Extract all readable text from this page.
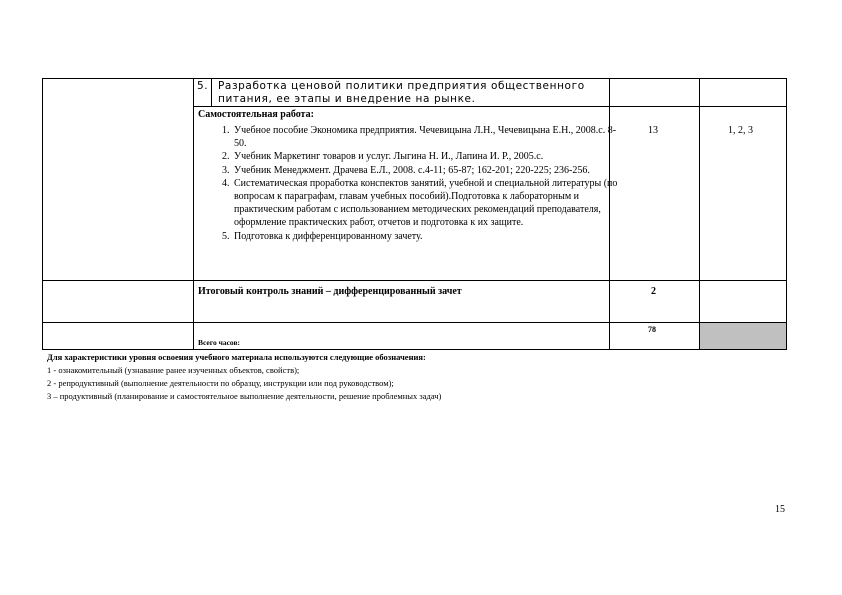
5. Разработка ценовой политики предприятия общественного
питания, ее этапы и внедрение на рынке.
Самостоятельная работа:
1. Учебное пособие Экономика предприятия. Чечевицына Л.Н., Чечевицына Е.Н., 2008.с. 8-50.
2. Учебник Маркетинг товаров и услуг. Лыгина Н. И., Лапина И. Р., 2005.с.
3. Учебник Менеджмент. Драчева Е.Л., 2008. с.4-11; 65-87; 162-201; 220-225; 236-256.
4. Систематическая проработка конспектов занятий, учебной и специальной литературы (по вопросам к параграфам, главам учебных пособий).Подготовка к лабораторным и практическим работам с использованием методических рекомендаций преподавателя, оформление практических работ, отчетов и подготовка к их защите.
5. Подготовка к дифференцированному зачету.
13	1, 2, 3
Итоговый контроль знаний – дифференцированный зачет	2
Всего часов:
78
Для характеристики уровня освоения учебного материала используются следующие обозначения:
1 - ознакомительный (узнавание ранее изученных объектов, свойств);
2 - репродуктивный (выполнение деятельности по образцу, инструкции или под руководством);
3 – продуктивный (планирование и самостоятельное выполнение деятельности, решение проблемных задач)
15
